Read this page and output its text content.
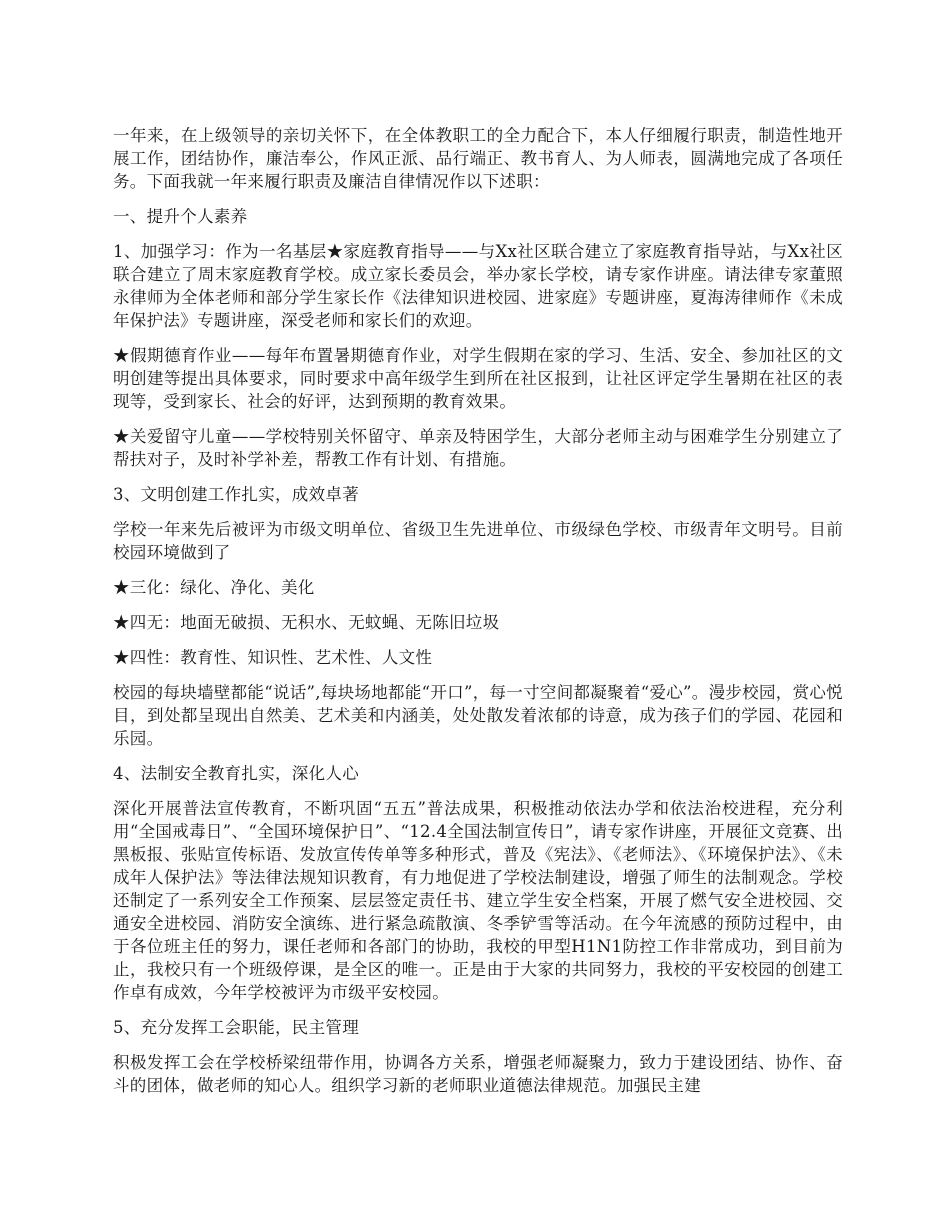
一年来，在上级领导的亲切关怀下，在全体教职工的全力配合下，本人仔细履行职责，制造性地开展工作，团结协作，廉洁奉公，作风正派、品行端正、教书育人、为人师表，圆满地完成了各项任务。下面我就一年来履行职责及廉洁自律情况作以下述职：

一、提升个人素养

1、加强学习：作为一名基层★家庭教育指导——与Xx社区联合建立了家庭教育指导站，与Xx社区联合建立了周末家庭教育学校。成立家长委员会，举办家长学校，请专家作讲座。请法律专家董照永律师为全体老师和部分学生家长作《法律知识进校园、进家庭》专题讲座，夏海涛律师作《未成年保护法》专题讲座，深受老师和家长们的欢迎。

★假期德育作业——每年布置暑期德育作业，对学生假期在家的学习、生活、安全、参加社区的文明创建等提出具体要求，同时要求中高年级学生到所在社区报到，让社区评定学生暑期在社区的表现等，受到家长、社会的好评，达到预期的教育效果。

★关爱留守儿童——学校特别关怀留守、单亲及特困学生，大部分老师主动与困难学生分别建立了帮扶对子，及时补学补差，帮教工作有计划、有措施。

3、文明创建工作扎实，成效卓著

学校一年来先后被评为市级文明单位、省级卫生先进单位、市级绿色学校、市级青年文明号。目前校园环境做到了

★三化：绿化、净化、美化

★四无：地面无破损、无积水、无蚊蝇、无陈旧垃圾

★四性：教育性、知识性、艺术性、人文性

校园的每块墙壁都能“说话”,每块场地都能“开口”，每一寸空间都凝聚着“爱心”。漫步校园，赏心悦目，到处都呈现出自然美、艺术美和内涵美，处处散发着浓郁的诗意，成为孩子们的学园、花园和乐园。

4、法制安全教育扎实，深化人心

深化开展普法宣传教育，不断巩固“五五”普法成果，积极推动依法办学和依法治校进程，充分利用“全国戒毒日”、“全国环境保护日”、“12.4全国法制宣传日”，请专家作讲座，开展征文竞赛、出黑板报、张贴宣传标语、发放宣传传单等多种形式，普及《宪法》、《老师法》、《环境保护法》、《未成年人保护法》等法律法规知识教育，有力地促进了学校法制建设，增强了师生的法制观念。学校还制定了一系列安全工作预案、层层签定责任书、建立学生安全档案，开展了燃气安全进校园、交通安全进校园、消防安全演练、进行紧急疏散演、冬季铲雪等活动。在今年流感的预防过程中，由于各位班主任的努力，课任老师和各部门的协助，我校的甲型H1N1防控工作非常成功，到目前为止，我校只有一个班级停课，是全区的唯一。正是由于大家的共同努力，我校的平安校园的创建工作卓有成效，今年学校被评为市级平安校园。

5、充分发挥工会职能，民主管理

积极发挥工会在学校桥梁纽带作用，协调各方关系，增强老师凝聚力，致力于建设团结、协作、奋斗的团体，做老师的知心人。组织学习新的老师职业道德法律规范。加强民主建
